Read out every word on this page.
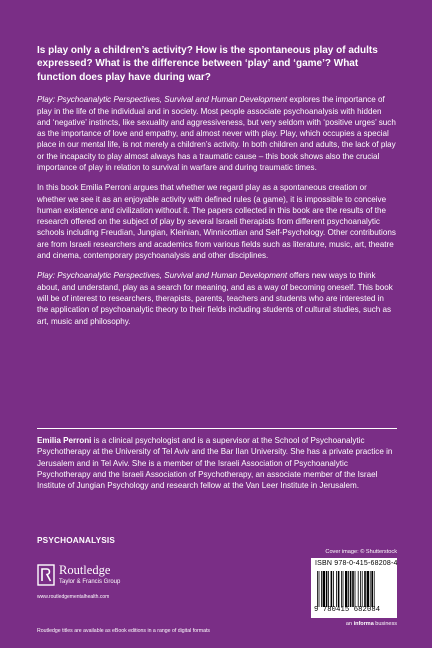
Is play only a children’s activity? How is the spontaneous play of adults expressed? What is the difference between ‘play’ and ‘game’? What function does play have during war?

Play: Psychoanalytic Perspectives, Survival and Human Development explores the importance of play in the life of the individual and in society. Most people associate psychoanalysis with hidden and ‘negative’ instincts, like sexuality and aggressiveness, but very seldom with ‘positive urges’ such as the importance of love and empathy, and almost never with play. Play, which occupies a special place in our mental life, is not merely a children’s activity. In both children and adults, the lack of play or the incapacity to play almost always has a traumatic cause – this book shows also the crucial importance of play in relation to survival in warfare and during traumatic times.

In this book Emilia Perroni argues that whether we regard play as a spontaneous creation or whether we see it as an enjoyable activity with defined rules (a game), it is impossible to conceive human existence and civilization without it. The papers collected in this book are the results of the research offered on the subject of play by several Israeli therapists from different psychoanalytic schools including Freudian, Jungian, Kleinian, Winnicottian and Self-Psychology. Other contributions are from Israeli researchers and academics from various fields such as literature, music, art, theatre and cinema, contemporary psychoanalysis and other disciplines.

Play: Psychoanalytic Perspectives, Survival and Human Development offers new ways to think about, and understand, play as a search for meaning, and as a way of becoming oneself. This book will be of interest to researchers, therapists, parents, teachers and students who are interested in the application of psychoanalytic theory to their fields including students of cultural studies, such as art, music and philosophy.

Emilia Perroni is a clinical psychologist and is a supervisor at the School of Psychoanalytic Psychotherapy at the University of Tel Aviv and the Bar Ilan University. She has a private practice in Jerusalem and in Tel Aviv. She is a member of the Israeli Association of Psychoanalytic Psychotherapy and the Israeli Association of Psychotherapy, an associate member of the Israel Institute of Jungian Psychology and research fellow at the Van Leer Institute in Jerusalem.

PSYCHOANALYSIS
Cover image: © Shutterstock
Routledge
Taylor & Francis Group
www.routledgementalhealth.com
ISBN 978-0-415-68208-4
9 780415 682084
an informa business
Routledge titles are available as eBook editions in a range of digital formats
